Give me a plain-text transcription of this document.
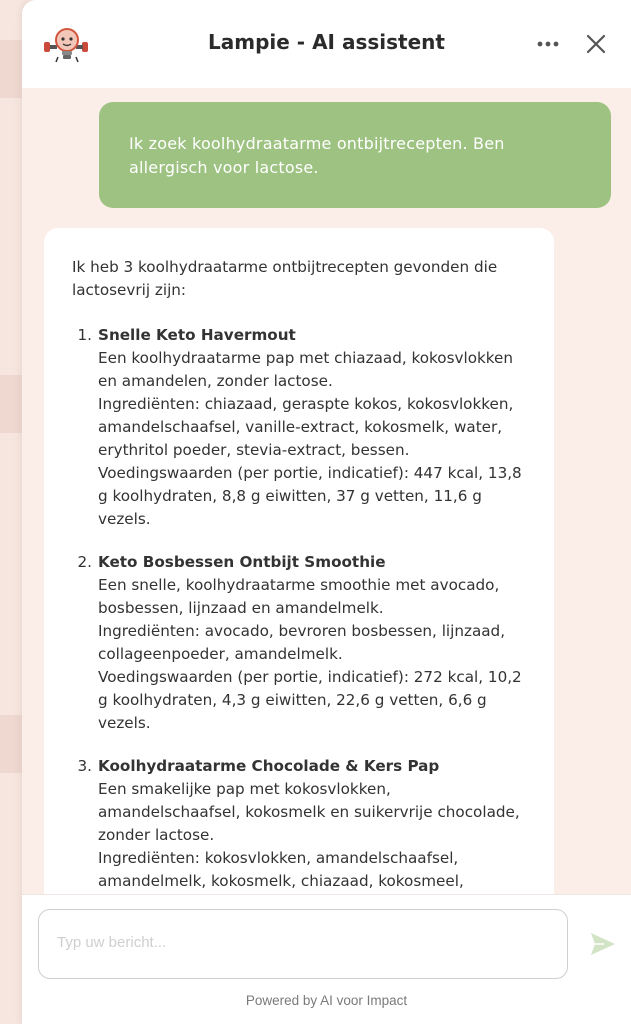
Lampie - AI assistent
Ik zoek koolhydraatarme ontbijtrecepten. Ben allergisch voor lactose.
Ik heb 3 koolhydraatarme ontbijtrecepten gevonden die lactosevrij zijn:
1. Snelle Keto Havermout
Een koolhydraatarme pap met chiazaad, kokosvlokken en amandelen, zonder lactose.
Ingrediënten: chiazaad, geraspte kokos, kokosvlokken, amandelschaafsel, vanille-extract, kokosmelk, water, erythritol poeder, stevia-extract, bessen.
Voedingswaarden (per portie, indicatief): 447 kcal, 13,8 g koolhydraten, 8,8 g eiwitten, 37 g vetten, 11,6 g vezels.
2. Keto Bosbessen Ontbijt Smoothie
Een snelle, koolhydraatarme smoothie met avocado, bosbessen, lijnzaad en amandelmelk.
Ingrediënten: avocado, bevroren bosbessen, lijnzaad, collageenpoeder, amandelmelk.
Voedingswaarden (per portie, indicatief): 272 kcal, 10,2 g koolhydraten, 4,3 g eiwitten, 22,6 g vetten, 6,6 g vezels.
3. Koolhydraatarme Chocolade & Kers Pap
Een smakelijke pap met kokosvlokken, amandelschaafsel, kokosmelk en suikervrije chocolade, zonder lactose.
Ingrediënten: kokosvlokken, amandelschaafsel, amandelmelk, kokosmelk, chiazaad, kokosmeel,
Typ uw bericht...
Powered by AI voor Impact
